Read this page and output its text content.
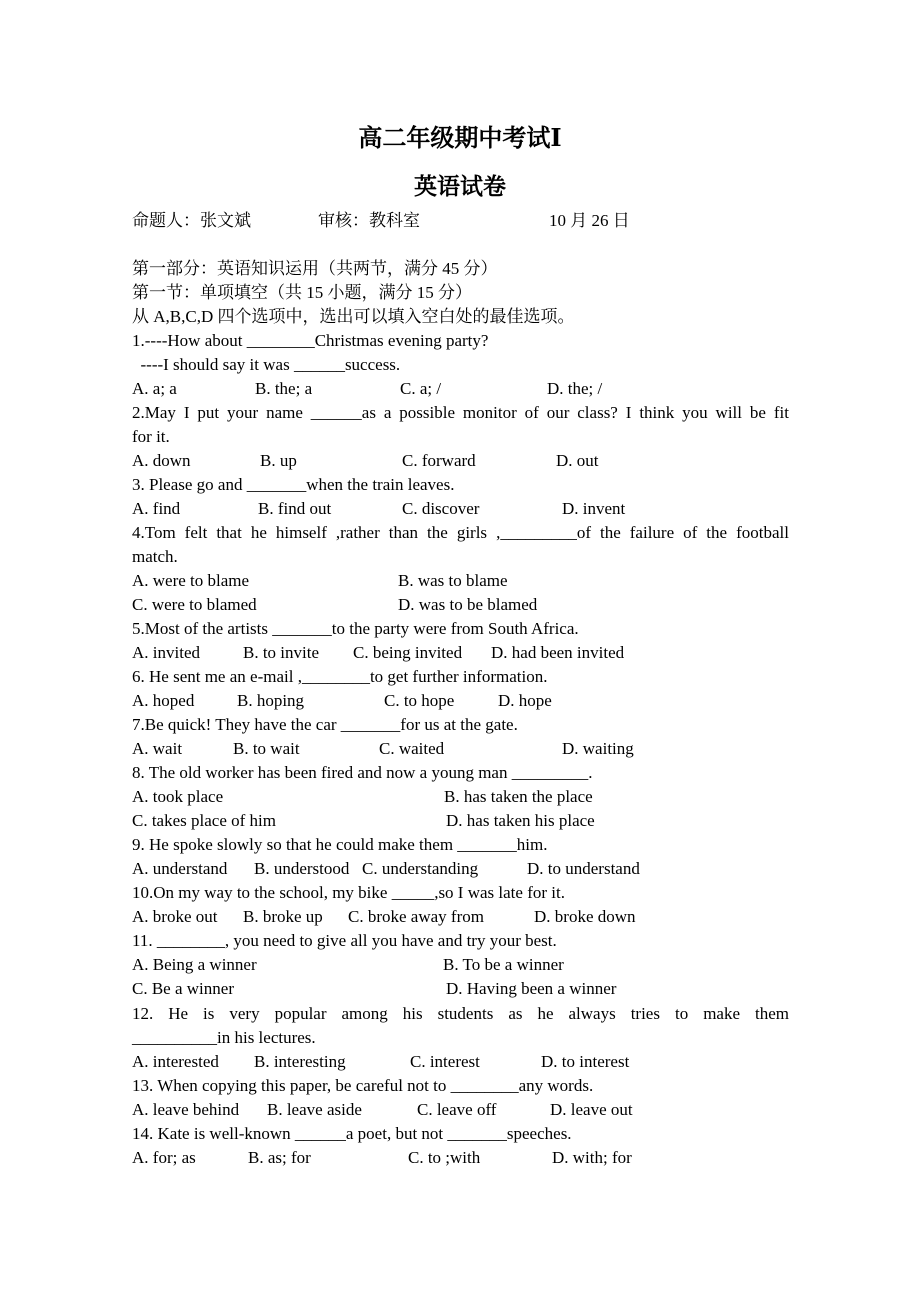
高二年级期中考试Ⅰ
英语试卷
命题人：张文斌	审核：教科室	10 月 26 日
第一部分：英语知识运用（共两节，满分 45 分）
第一节：单项填空（共 15 小题，满分 15 分）
从 A,B,C,D 四个选项中，选出可以填入空白处的最佳选项。
1.----How about ________Christmas evening party?
----I should say it was ______success.
A. a; a	B. the; a	C. a; /	D. the; /
2.May I put your name ______as a possible monitor of our class? I think you will be fit
for it.
A. down	B. up	C. forward	D. out
3. Please go and _______when the train leaves.
A. find	B. find out	C. discover	D. invent
4.Tom felt that he himself ,rather than the girls ,_________of the failure of the football
match.
A. were to blame	B. was to blame
C. were to blamed	D. was to be blamed
5.Most of the artists _______to the party were from South Africa.
A. invited	B. to invite C. being invited D. had been invited
6. He sent me an e-mail ,________to get further information.
A. hoped	B. hoping	C. to hope	D. hope
7.Be quick! They have the car _______for us at the gate.
A. wait	B. to wait	C. waited	D. waiting
8. The old worker has been fired and now a young man _________.
A. took place	B. has taken the place
C. takes place of him	D. has taken his place
9. He spoke slowly so that he could make them _______him.
A. understand B. understood C. understanding	D. to understand
10.On my way to the school, my bike _____,so I was late for it.
A. broke out B. broke up C. broke away from	D. broke down
11. ________, you need to give all you have and try your best.
A. Being a winner	B. To be a winner
C. Be a winner	D. Having been a winner
12. He is very popular among his students as he always tries to make them
__________in his lectures.
A. interested B. interesting	C. interest	D. to interest
13. When copying this paper, be careful not to ________any words.
A. leave behind B. leave aside	C. leave off	D. leave out
14. Kate is well-known ______a poet, but not _______speeches.
A. for; as	B. as; for	C. to ;with	D. with; for
